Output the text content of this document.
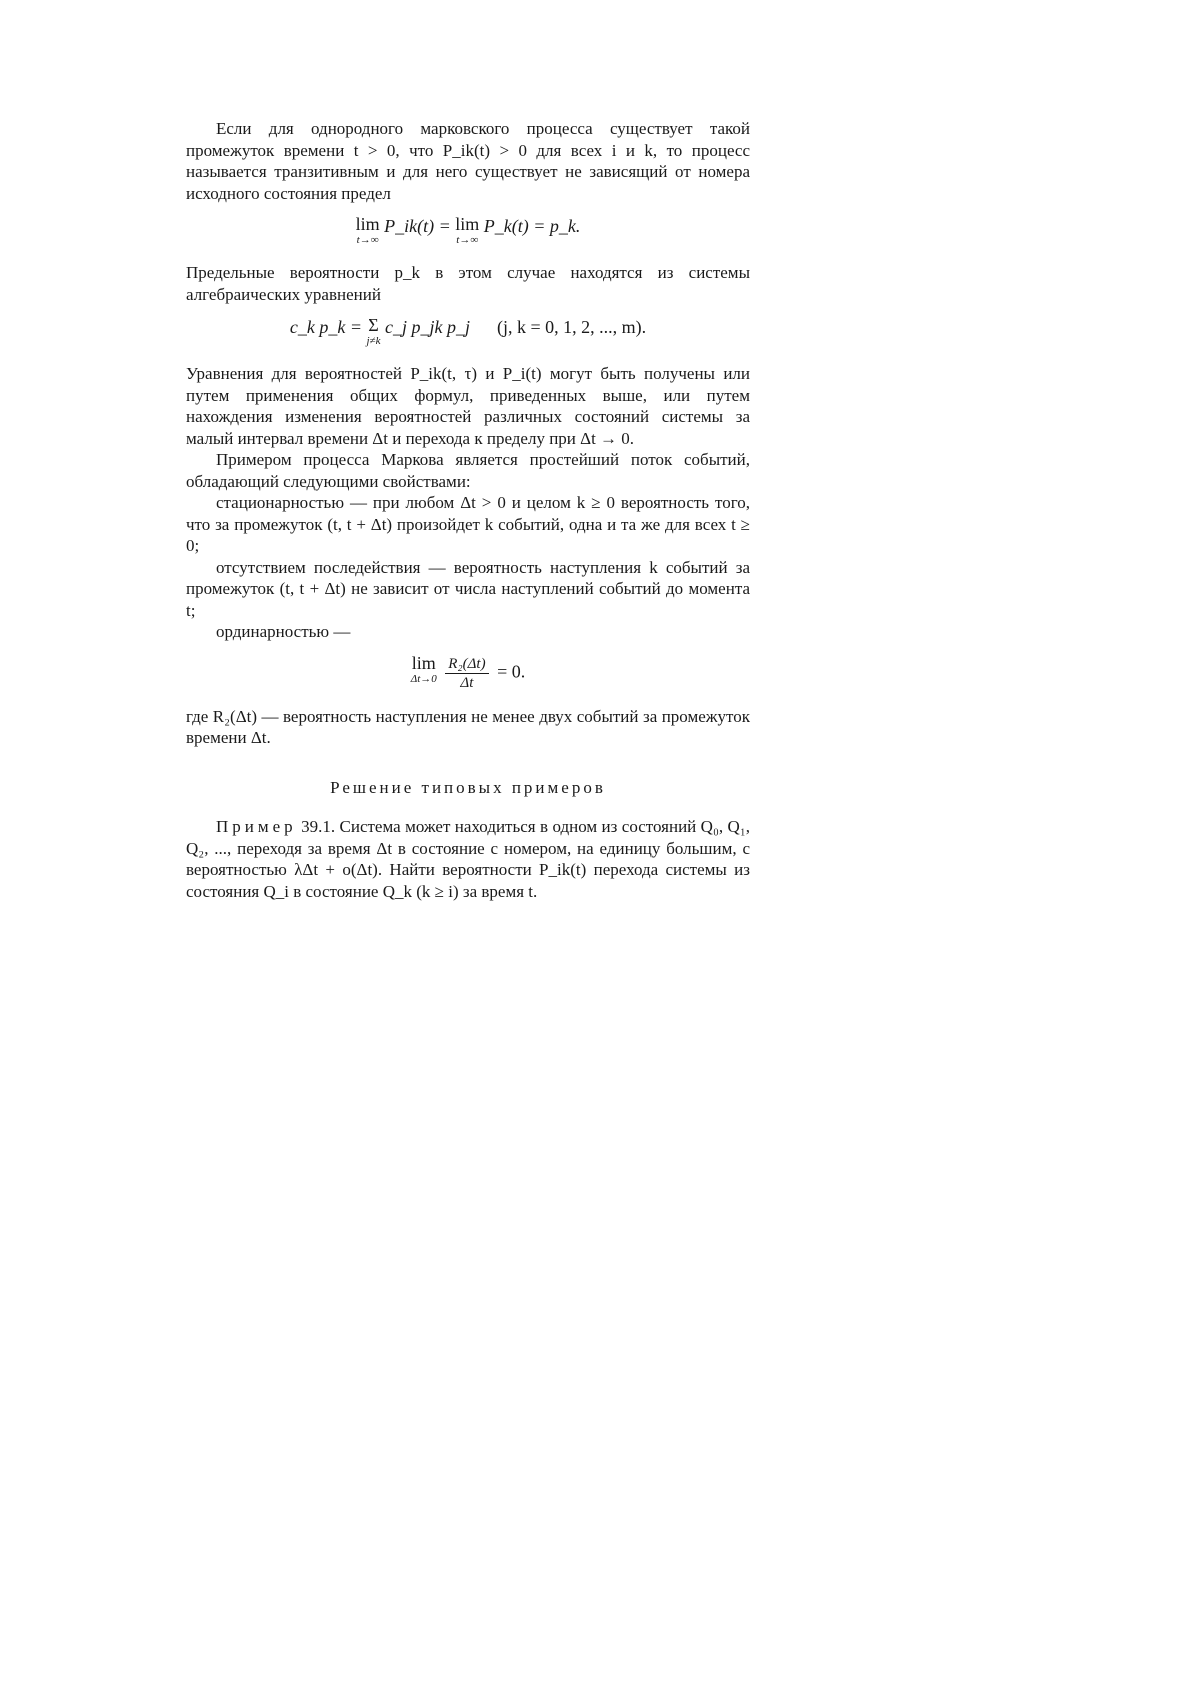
Если для однородного марковского процесса существует такой промежуток времени t > 0, что P_ik(t) > 0 для всех i и k, то процесс называется транзитивным и для него существует не зависящий от номера исходного состояния предел

lim
t→∞
P_ik(t) = lim
t→∞
P_k(t) = p_k.

Предельные вероятности p_k в этом случае находятся из системы алгебраических уравнений

c_k p_k = Σ
j≠k
c_j p_jk p_j (j, k = 0, 1, 2, ..., m).

Уравнения для вероятностей P_ik(t, τ) и P_i(t) могут быть получены или путем применения общих формул, приведенных выше, или путем нахождения изменения вероятностей различных состояний системы за малый интервал времени Δt и перехода к пределу при Δt → 0.

Примером процесса Маркова является простейший поток событий, обладающий следующими свойствами:

стационарностью — при любом Δt > 0 и целом k ≥ 0 вероятность того, что за промежуток (t, t + Δt) произойдет k событий, одна и та же для всех t ≥ 0;

отсутствием последействия — вероятность наступления k событий за промежуток (t, t + Δt) не зависит от числа наступлений событий до момента t;

ординарностью —

lim
Δt→0
$\frac{\text{R₂(Δt)}}{\Delta t} = 0$.

где R₂(Δt) — вероятность наступления не менее двух событий за промежуток времени Δt.

Решение типовых примеров

Пример 39.1. Система может находиться в одном из состояний Q₀, Q₁, Q₂, ..., переходя за время Δt в состояние с номером, на единицу большим, с вероятностью λΔt + o(Δt). Найти вероятности P_ik(t) перехода системы из состояния Q_i в состояние Q_k (k ≥ i) за время t.
